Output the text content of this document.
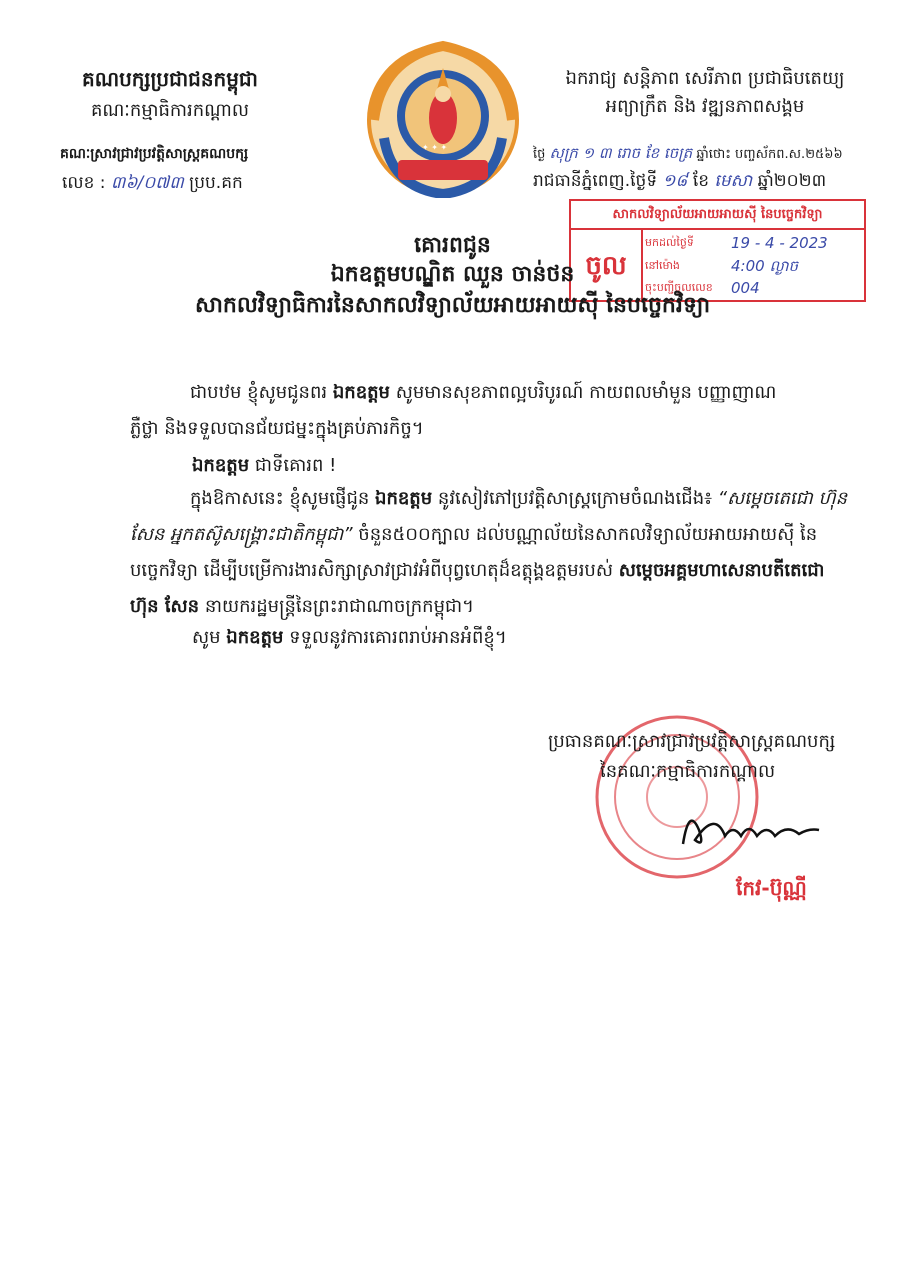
គណបក្សប្រជាជនកម្ពុជា
គណៈកម្មាធិការកណ្ដាល
គណៈស្រាវជ្រាវប្រវត្តិសាស្ត្រគណបក្ស
លេខ : ៣៦/០៧៣ ប្រប.គក
✦ ✦ ✦
ឯករាជ្យ សន្តិភាព សេរីភាព ប្រជាធិបតេយ្យ
អព្យាក្រឹត និង វឌ្ឍនភាពសង្គម
ថ្ងៃ សុក្រ ១ ៣ រោច ខែ ចេត្រ ឆ្នាំថោះ បញ្ចស័កព.ស.២៥៦៦
រាជធានីភ្នំពេញ.ថ្ងៃទី ១៨ ខែ មេសា ឆ្នាំ២០២៣
សាកលវិទ្យាល័យអាយអាយស៊ី នៃបច្ចេកវិទ្យា
ចូល
មកដល់ថ្ងៃទី 19 - 4 - 2023
នៅម៉ោង	4:00 ល្ងាច
ចុះបញ្ជីចូលលេខ 004
គោរពជូន
ឯកឧត្តមបណ្ឌិត ឈួន ចាន់ថន
សាកលវិទ្យាធិការនៃសាកលវិទ្យាល័យអាយអាយស៊ី នៃបច្ចេកវិទ្យា
ជាបឋម ខ្ញុំសូមជូនពរ ឯកឧត្តម សូមមានសុខភាពល្អបរិបូរណ៍ កាយពលមាំមួន បញ្ញាញាណ
ភ្លឺថ្លា និងទទួលបានជ័យជម្នះក្នុងគ្រប់ភារកិច្ច។
ឯកឧត្តម ជាទីគោរព !
ក្នុងឱកាសនេះ ខ្ញុំសូមផ្ញើជូន ឯកឧត្តម នូវសៀវភៅប្រវត្តិសាស្ត្រក្រោមចំណងជើង៖ “សម្ដេចតេជោ ហ៊ុន សែន អ្នកតស៊ូសង្គ្រោះជាតិកម្ពុជា” ចំនួន៥០០ក្បាល ដល់បណ្ណាល័យនៃសាកលវិទ្យាល័យអាយអាយស៊ី នៃបច្ចេកវិទ្យា ដើម្បីបម្រើការងារសិក្សាស្រាវជ្រាវអំពីបុព្វហេតុដ៏ឧត្តុង្គឧត្តមរបស់ សម្ដេចអគ្គមហាសេនាបតីតេជោ ហ៊ុន សែន នាយករដ្ឋមន្ត្រីនៃព្រះរាជាណាចក្រកម្ពុជា។
សូម ឯកឧត្តម ទទួលនូវការគោរពរាប់អានអំពីខ្ញុំ។
ប្រធានគណៈស្រាវជ្រាវប្រវត្តិសាស្ត្រគណបក្ស
នៃគណៈកម្មាធិការកណ្ដាល
កែវ-ប៊ុណ្ណី
